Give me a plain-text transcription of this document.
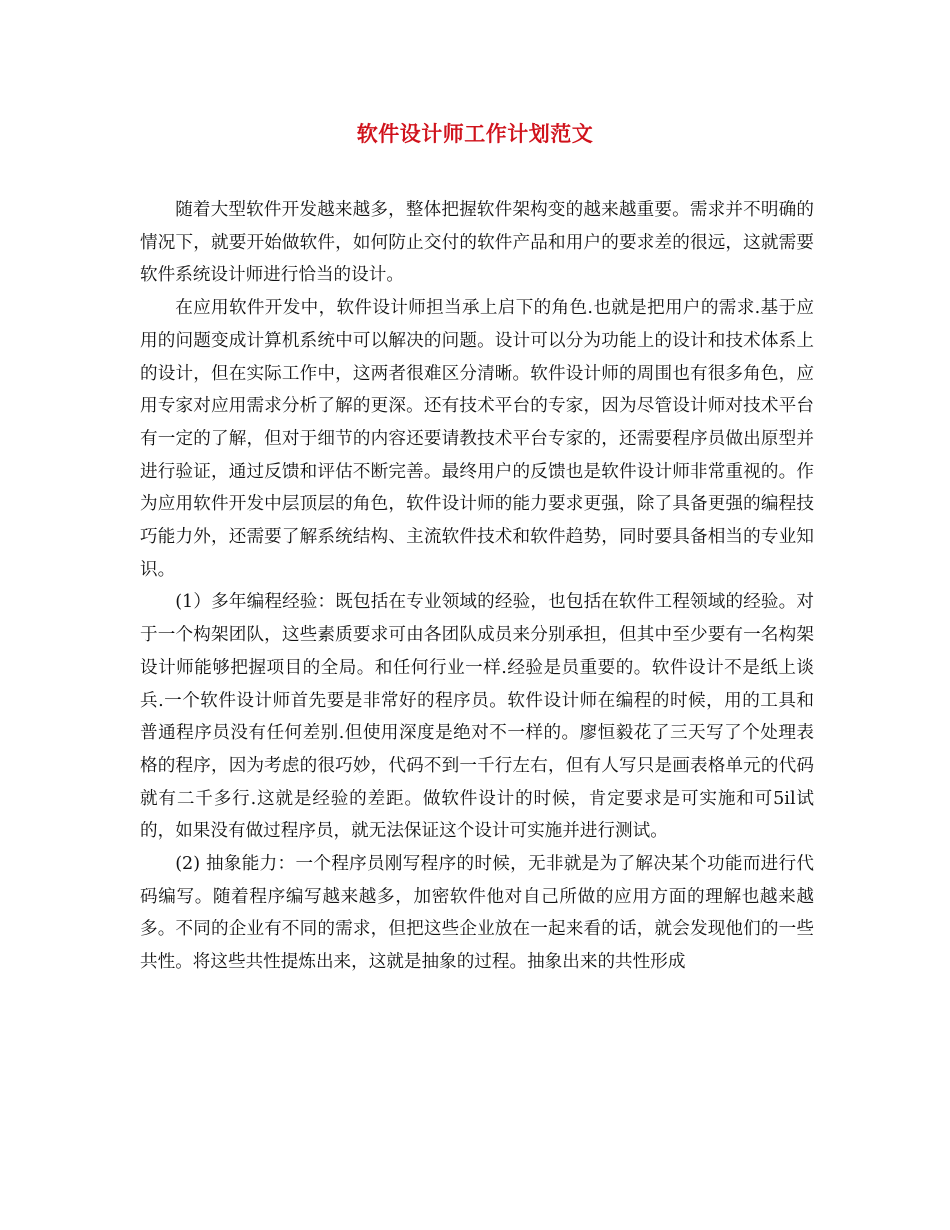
软件设计师工作计划范文

随着大型软件开发越来越多，整体把握软件架构变的越来越重要。需求并不明确的情况下，就要开始做软件，如何防止交付的软件产品和用户的要求差的很远，这就需要软件系统设计师进行恰当的设计。

在应用软件开发中，软件设计师担当承上启下的角色.也就是把用户的需求.基于应用的问题变成计算机系统中可以解决的问题。设计可以分为功能上的设计和技术体系上的设计，但在实际工作中，这两者很难区分清晰。软件设计师的周围也有很多角色，应用专家对应用需求分析了解的更深。还有技术平台的专家，因为尽管设计师对技术平台有一定的了解，但对于细节的内容还要请教技术平台专家的，还需要程序员做出原型并进行验证，通过反馈和评估不断完善。最终用户的反馈也是软件设计师非常重视的。作为应用软件开发中层顶层的角色，软件设计师的能力要求更强，除了具备更强的编程技巧能力外，还需要了解系统结构、主流软件技术和软件趋势，同时要具备相当的专业知识。

(1）多年编程经验：既包括在专业领域的经验，也包括在软件工程领域的经验。对于一个构架团队，这些素质要求可由各团队成员来分别承担，但其中至少要有一名构架设计师能够把握项目的全局。和任何行业一样.经验是员重要的。软件设计不是纸上谈兵.一个软件设计师首先要是非常好的程序员。软件设计师在编程的时候，用的工具和普通程序员没有任何差别.但使用深度是绝对不一样的。廖恒毅花了三天写了个处理表格的程序，因为考虑的很巧妙，代码不到一千行左右，但有人写只是画表格单元的代码就有二千多行.这就是经验的差距。做软件设计的时候，肯定要求是可实施和可5il试的，如果没有做过程序员，就无法保证这个设计可实施并进行测试。

(2) 抽象能力：一个程序员刚写程序的时候，无非就是为了解决某个功能而进行代码编写。随着程序编写越来越多，加密软件他对自己所做的应用方面的理解也越来越多。不同的企业有不同的需求，但把这些企业放在一起来看的话，就会发现他们的一些共性。将这些共性提炼出来，这就是抽象的过程。抽象出来的共性形成
